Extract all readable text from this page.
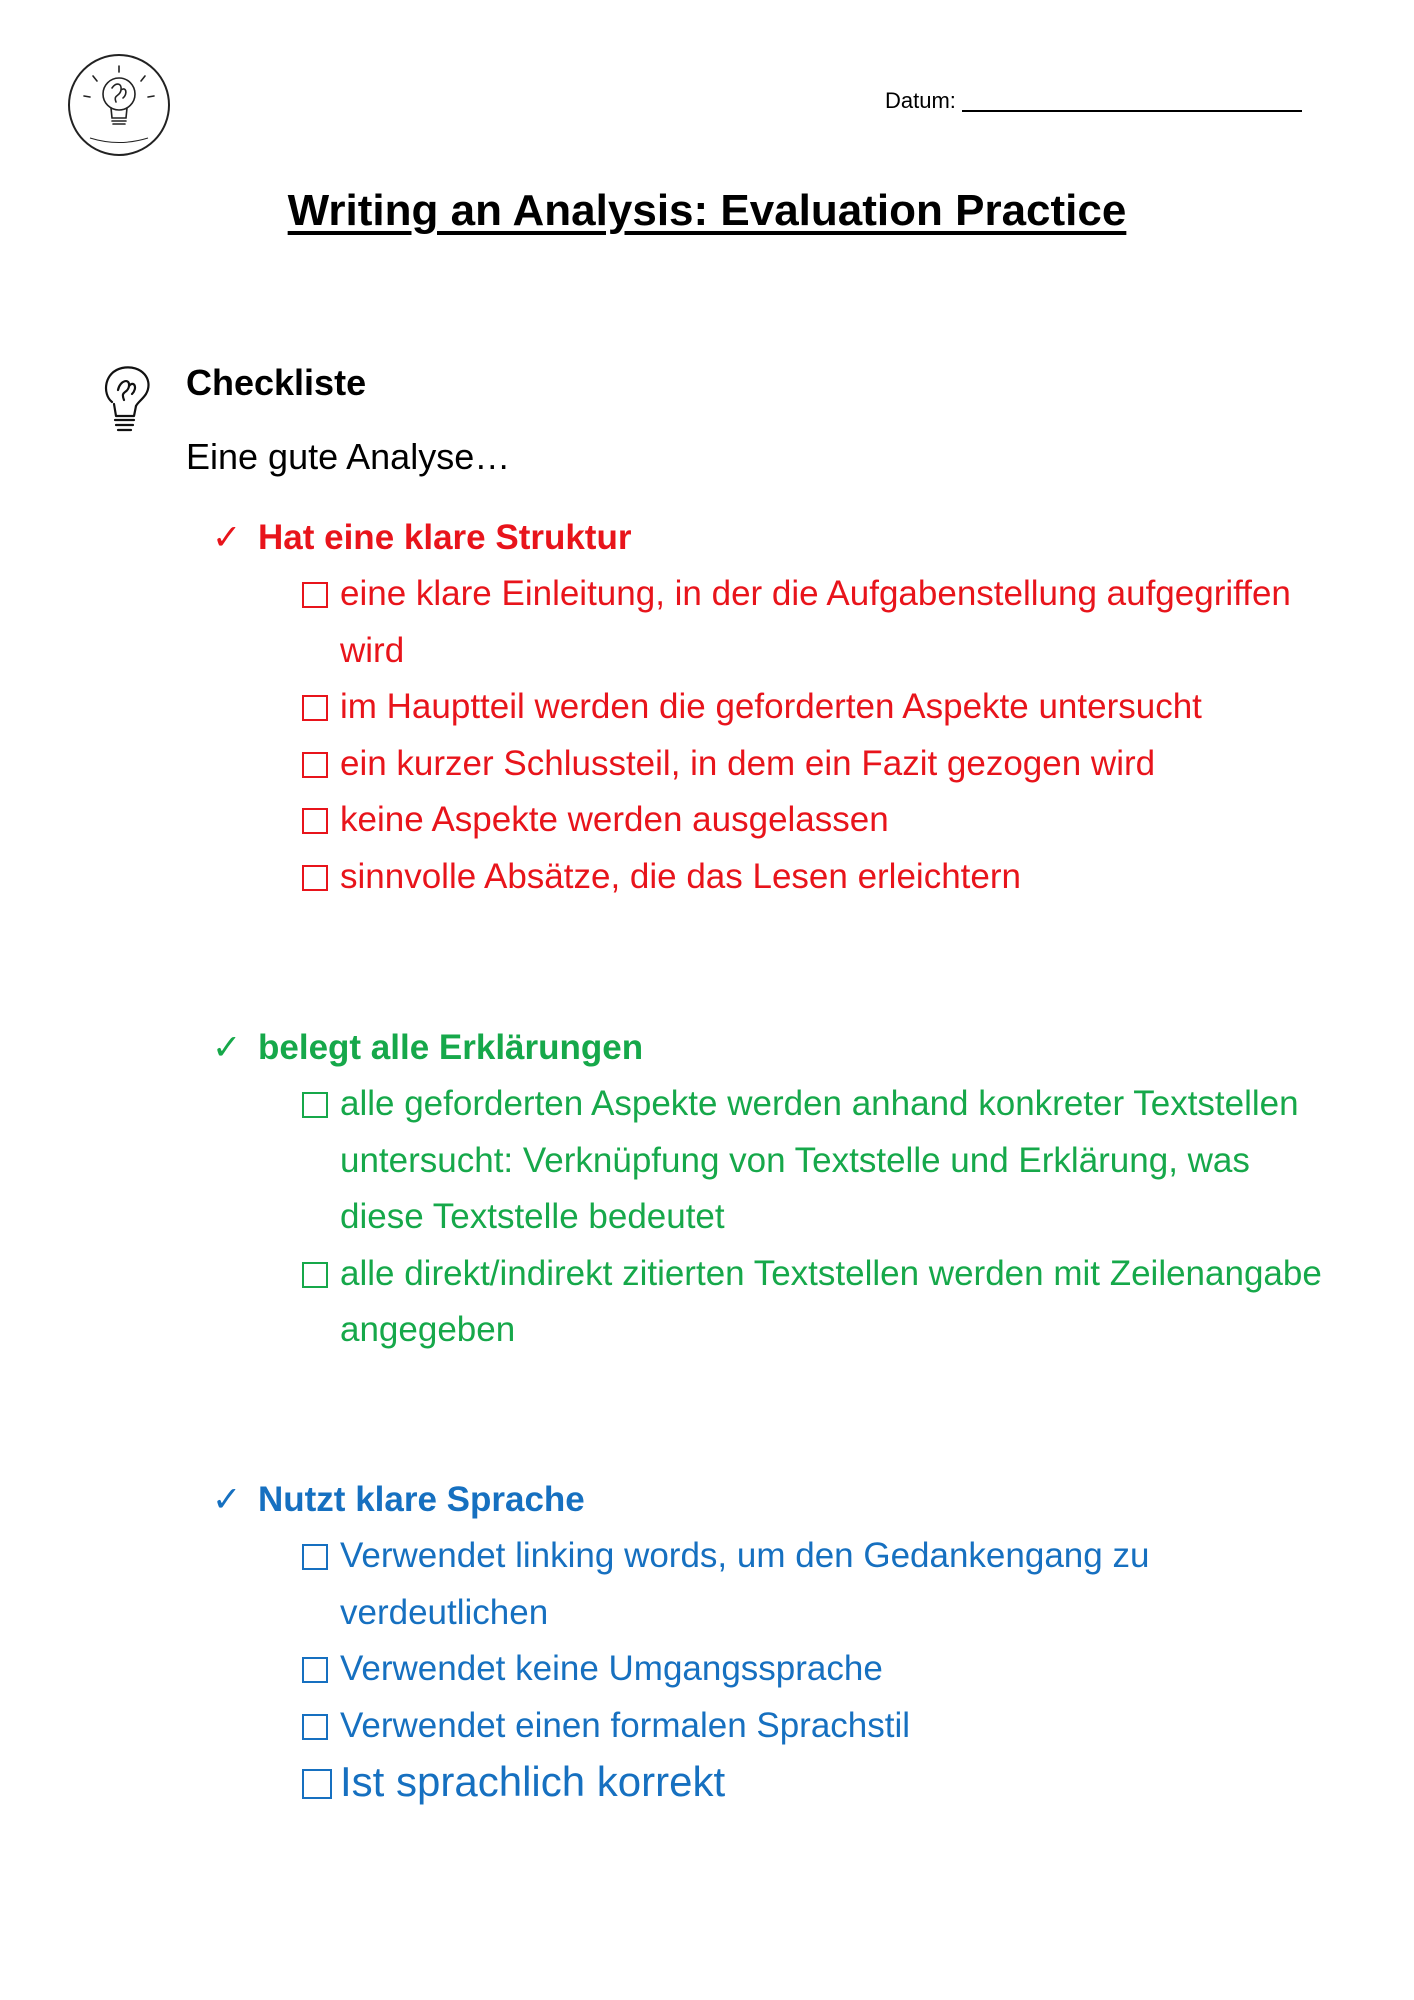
Datum:
Writing an Analysis: Evaluation Practice
Checkliste
Eine gute Analyse…
✓ Hat eine klare Struktur
eine klare Einleitung, in der die Aufgabenstellung aufgegriffen wird
im Hauptteil werden die geforderten Aspekte untersucht
ein kurzer Schlussteil, in dem ein Fazit gezogen wird
keine Aspekte werden ausgelassen
sinnvolle Absätze, die das Lesen erleichtern
✓ belegt alle Erklärungen
alle geforderten Aspekte werden anhand konkreter Textstellen untersucht: Verknüpfung von Textstelle und Erklärung, was diese Textstelle bedeutet
alle direkt/indirekt zitierten Textstellen werden mit Zeilenangabe angegeben
✓ Nutzt klare Sprache
Verwendet linking words, um den Gedankengang zu verdeutlichen
Verwendet keine Umgangssprache
Verwendet einen formalen Sprachstil
Ist sprachlich korrekt
